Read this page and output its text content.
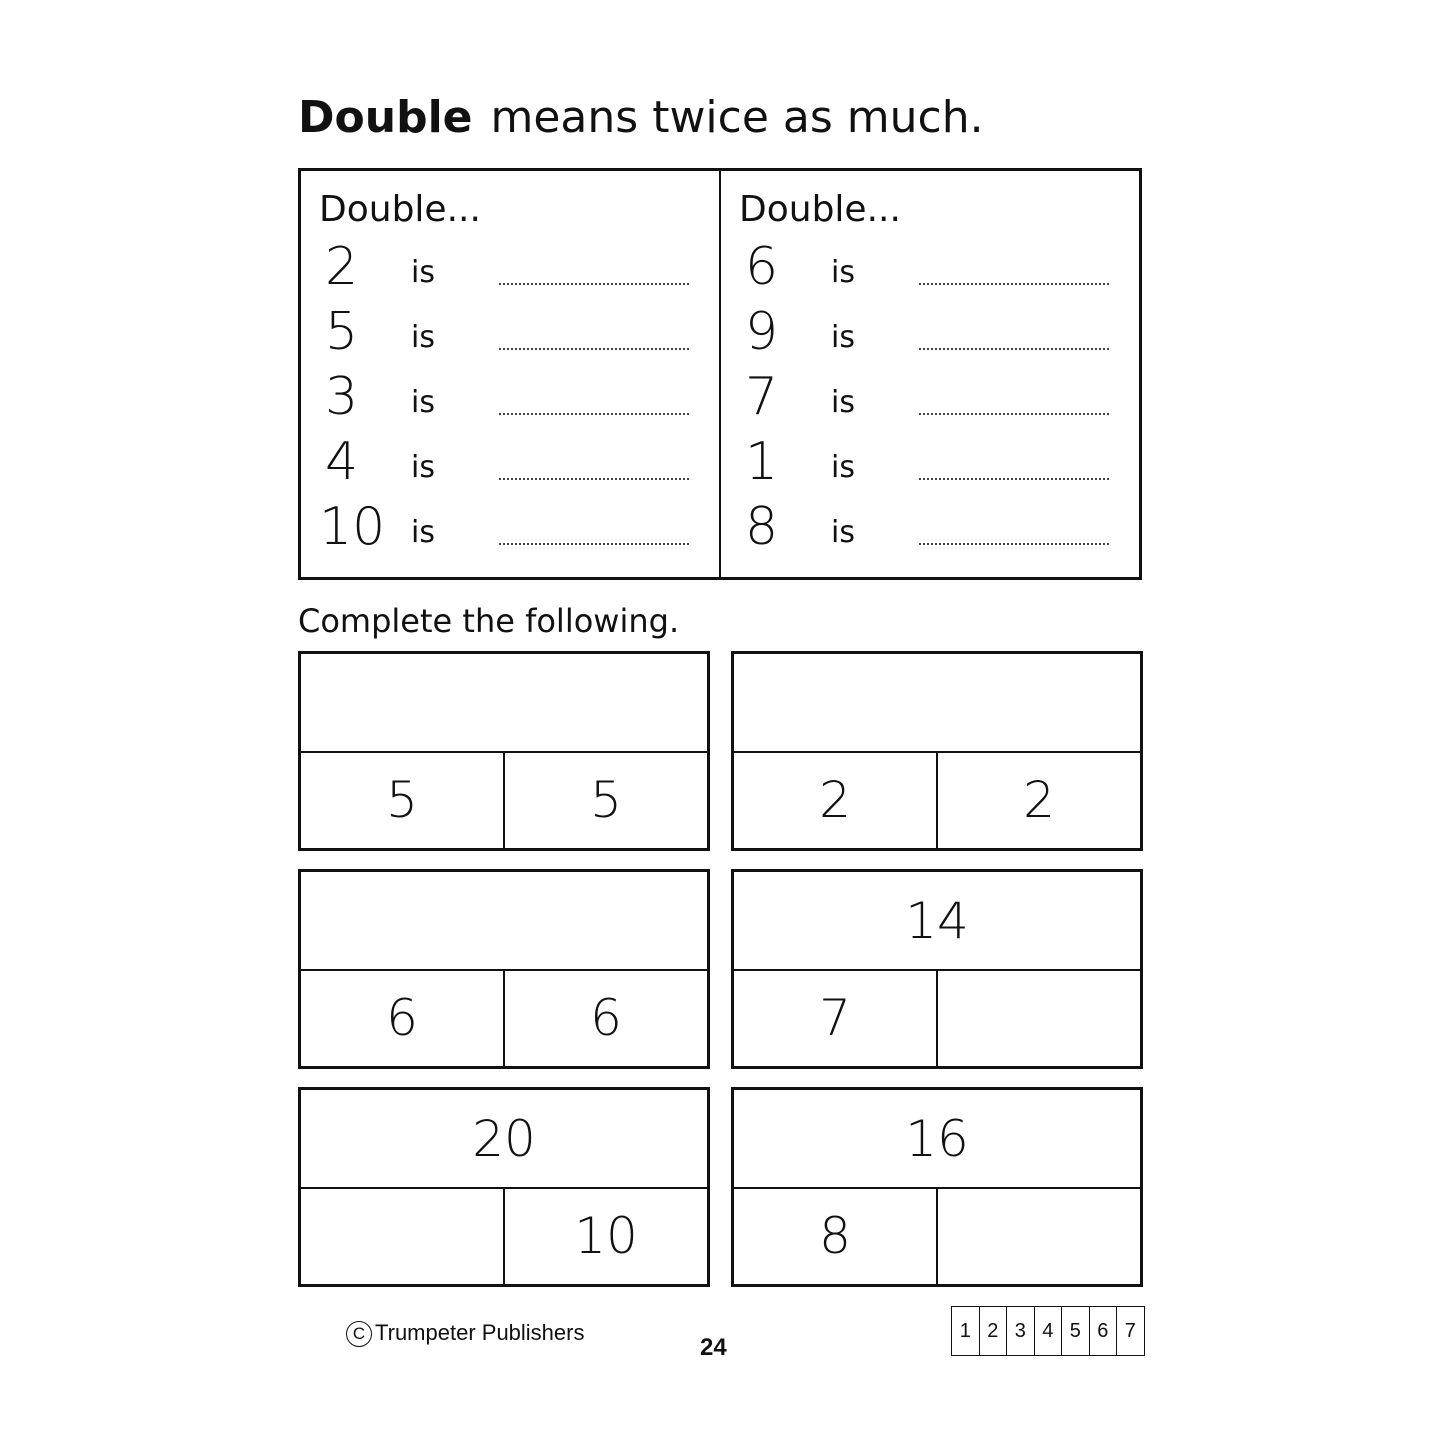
Double means twice as much.
Double...
2 is
5 is
3 is
4 is
10 is
Double...
6 is
9 is
7 is
1 is
8 is
Complete the following.
5	5	2	2
6	6
14
7
20
10
16
8
C Trumpeter Publishers
24
1 2 3 4 5 6 7
